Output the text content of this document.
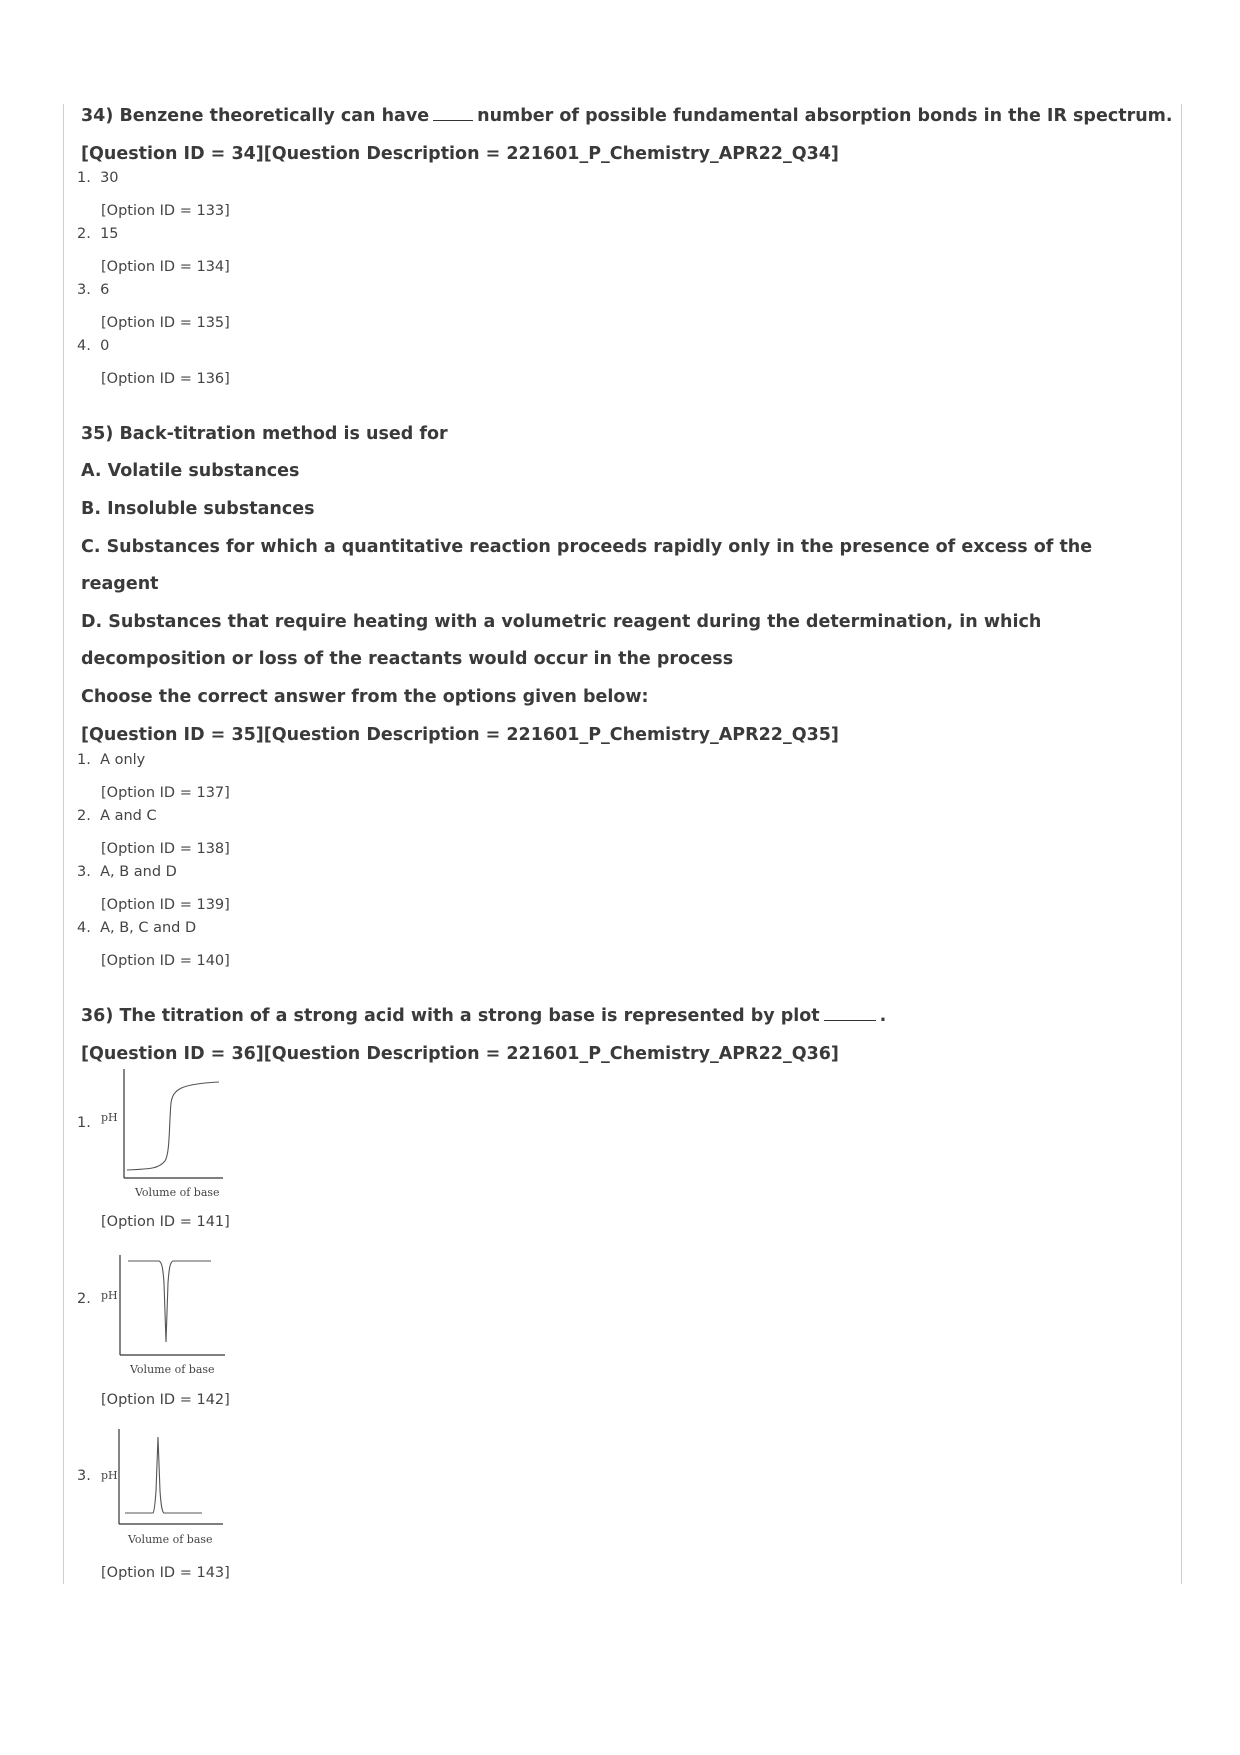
34) Benzene theoretically can have	number of possible fundamental absorption bonds in the IR spectrum.
[Question ID = 34][Question Description = 221601_P_Chemistry_APR22_Q34]
1. 30
[Option ID = 133]
2. 15
[Option ID = 134]
3. 6
[Option ID = 135]
4. 0
[Option ID = 136]
35) Back-titration method is used for
A. Volatile substances
B. Insoluble substances
C. Substances for which a quantitative reaction proceeds rapidly only in the presence of excess of the
reagent
D. Substances that require heating with a volumetric reagent during the determination, in which
decomposition or loss of the reactants would occur in the process
Choose the correct answer from the options given below:
[Question ID = 35][Question Description = 221601_P_Chemistry_APR22_Q35]
1. A only
[Option ID = 137]
2. A and C
[Option ID = 138]
3. A, B and D
[Option ID = 139]
4. A, B, C and D
[Option ID = 140]
36) The titration of a strong acid with a strong base is represented by plot	.
[Question ID = 36][Question Description = 221601_P_Chemistry_APR22_Q36]
1. pH
Volume of base
[Option ID = 141]
2. pH
Volume of base
[Option ID = 142]
3. pH
Volume of base
[Option ID = 143]
